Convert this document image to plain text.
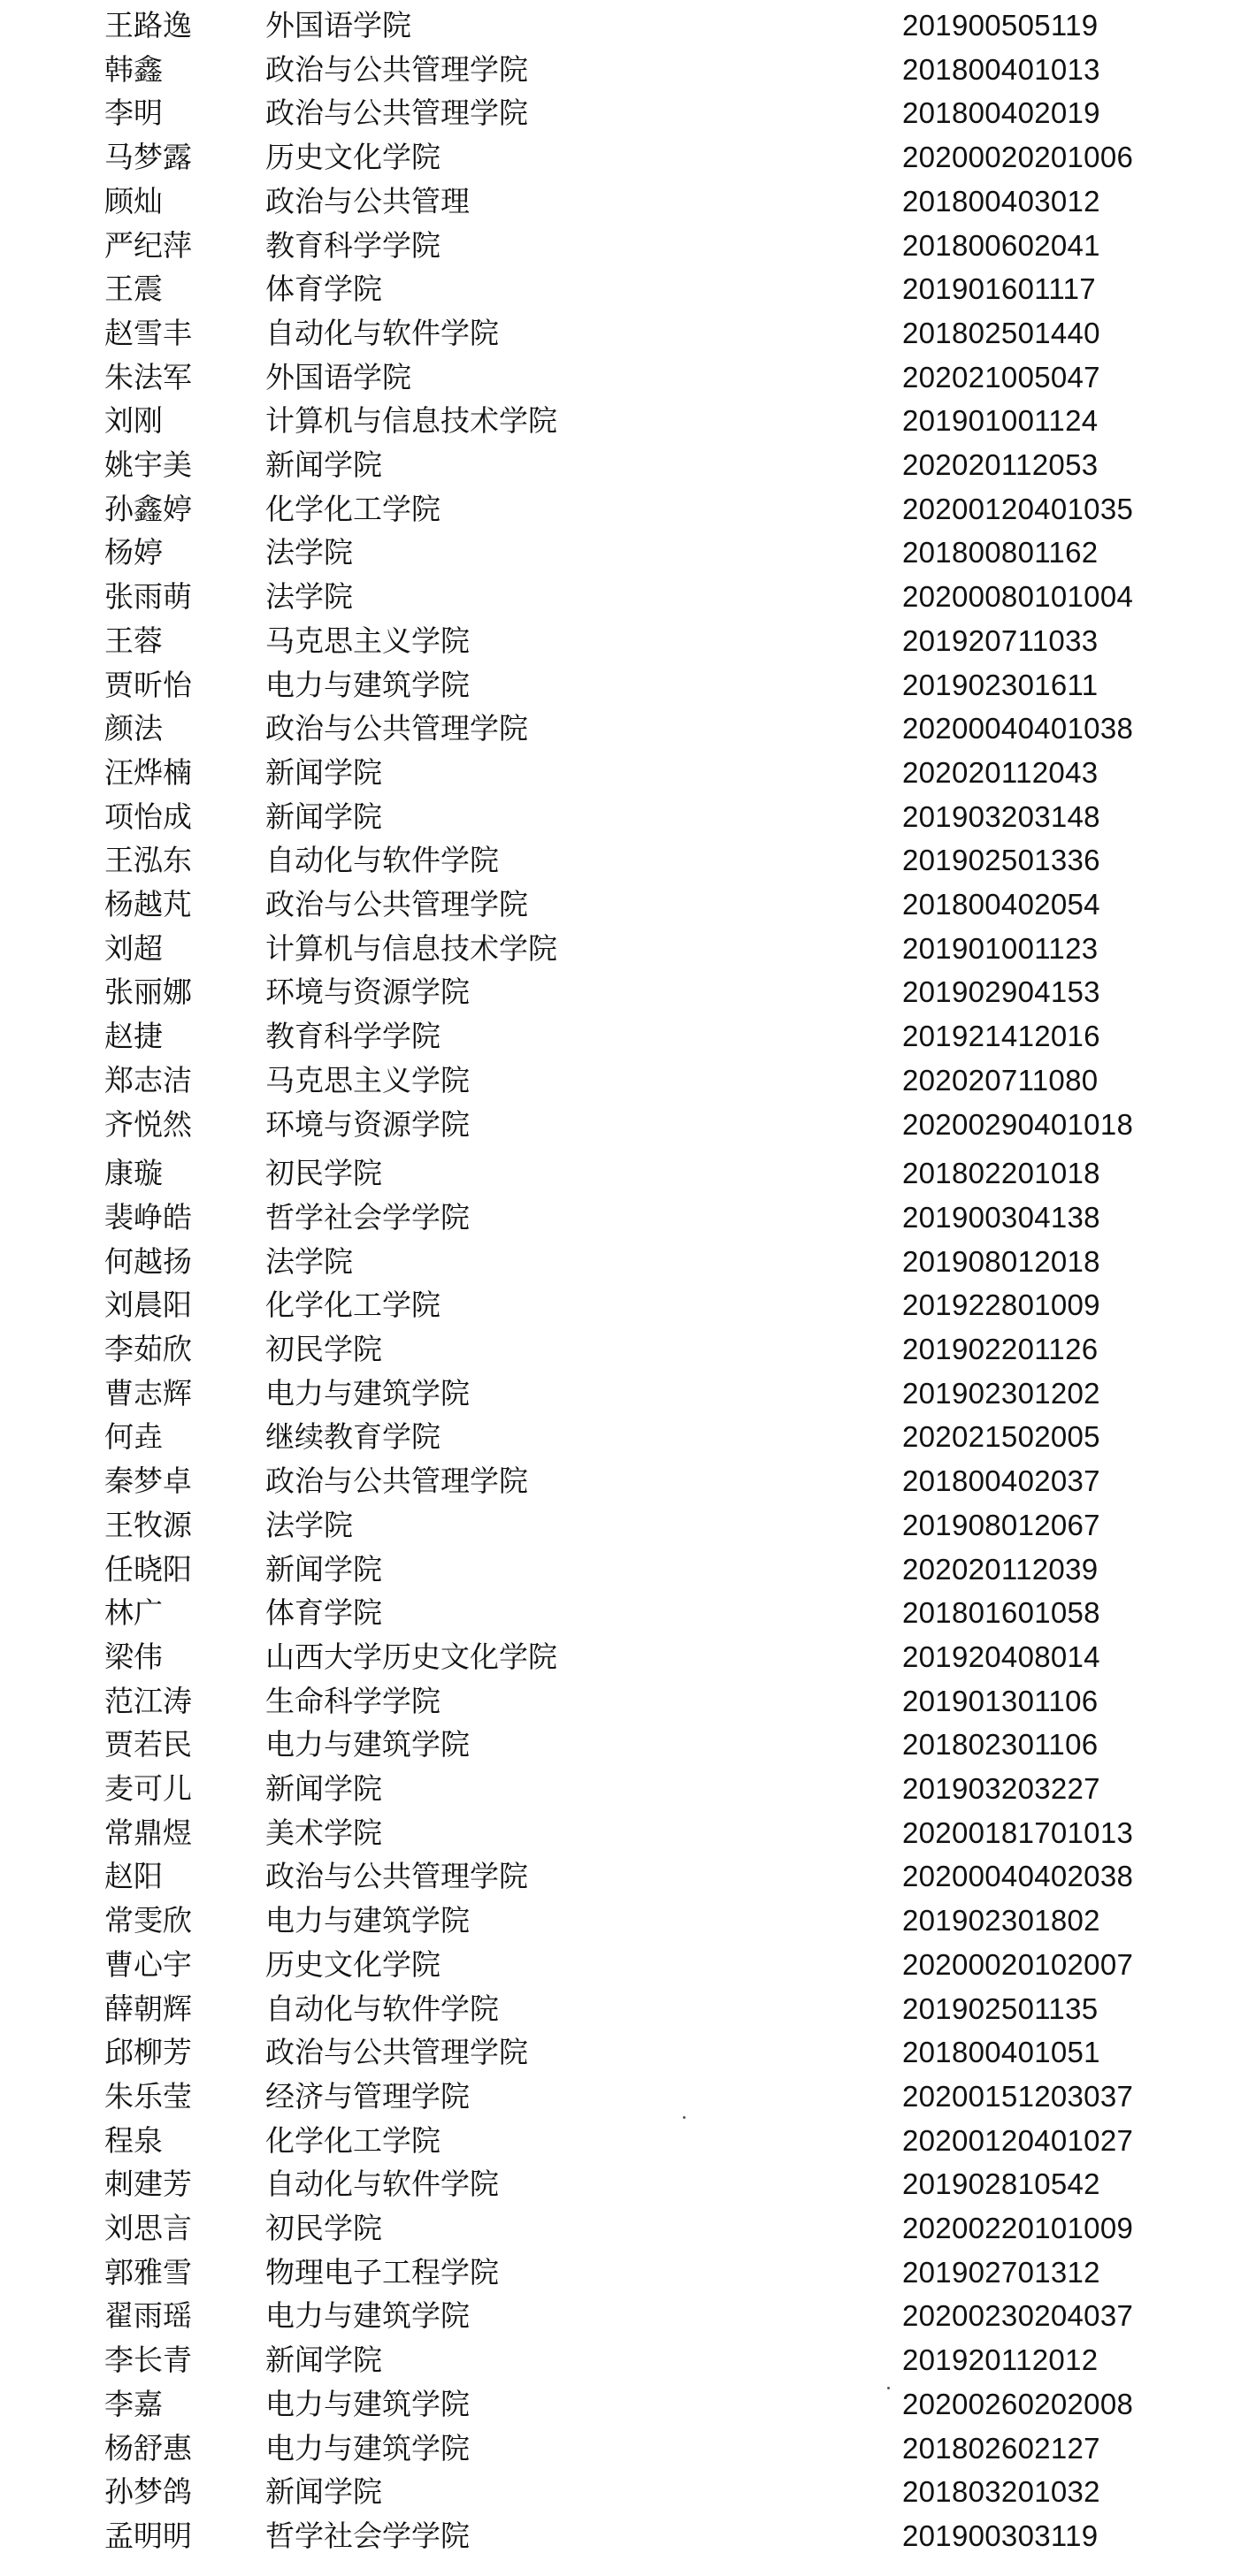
王路逸	外国语学院	201900505119
韩鑫	政治与公共管理学院	201800401013
李明	政治与公共管理学院	201800402019
马梦露	历史文化学院	20200020201006
顾灿	政治与公共管理	201800403012
严纪萍	教育科学学院	201800602041
王震	体育学院	201901601117
赵雪丰	自动化与软件学院	201802501440
朱法军	外国语学院	202021005047
刘刚	计算机与信息技术学院	201901001124
姚宇美	新闻学院	202020112053
孙鑫婷	化学化工学院	20200120401035
杨婷	法学院	201800801162
张雨萌	法学院	20200080101004
王蓉	马克思主义学院	201920711033
贾昕怡	电力与建筑学院	201902301611
颜法	政治与公共管理学院	20200040401038
汪烨楠	新闻学院	202020112043
项怡成	新闻学院	201903203148
王泓东	自动化与软件学院	201902501336
杨越芃	政治与公共管理学院	201800402054
刘超	计算机与信息技术学院	201901001123
张丽娜	环境与资源学院	201902904153
赵捷	教育科学学院	201921412016
郑志洁	马克思主义学院	202020711080
齐悦然	环境与资源学院	20200290401018
康璇	初民学院	201802201018
裴峥皓	哲学社会学学院	201900304138
何越扬	法学院	201908012018
刘晨阳	化学化工学院	201922801009
李茹欣	初民学院	201902201126
曹志辉	电力与建筑学院	201902301202
何垚	继续教育学院	202021502005
秦梦卓	政治与公共管理学院	201800402037
王牧源	法学院	201908012067
任晓阳	新闻学院	202020112039
林广	体育学院	201801601058
梁伟	山西大学历史文化学院	201920408014
范江涛	生命科学学院	201901301106
贾若民	电力与建筑学院	201802301106
麦可儿	新闻学院	201903203227
常鼎煜	美术学院	20200181701013
赵阳	政治与公共管理学院	20200040402038
常雯欣	电力与建筑学院	201902301802
曹心宇	历史文化学院	20200020102007
薛朝辉	自动化与软件学院	201902501135
邱柳芳	政治与公共管理学院	201800401051
朱乐莹	经济与管理学院	20200151203037
程泉	化学化工学院	20200120401027
刺建芳	自动化与软件学院	201902810542
刘思言	初民学院	20200220101009
郭雅雪	物理电子工程学院	201902701312
翟雨瑶	电力与建筑学院	20200230204037
李长青	新闻学院	201920112012
李嘉	电力与建筑学院	20200260202008
杨舒惠	电力与建筑学院	201802602127
孙梦鸽	新闻学院	201803201032
孟明明	哲学社会学学院	201900303119
